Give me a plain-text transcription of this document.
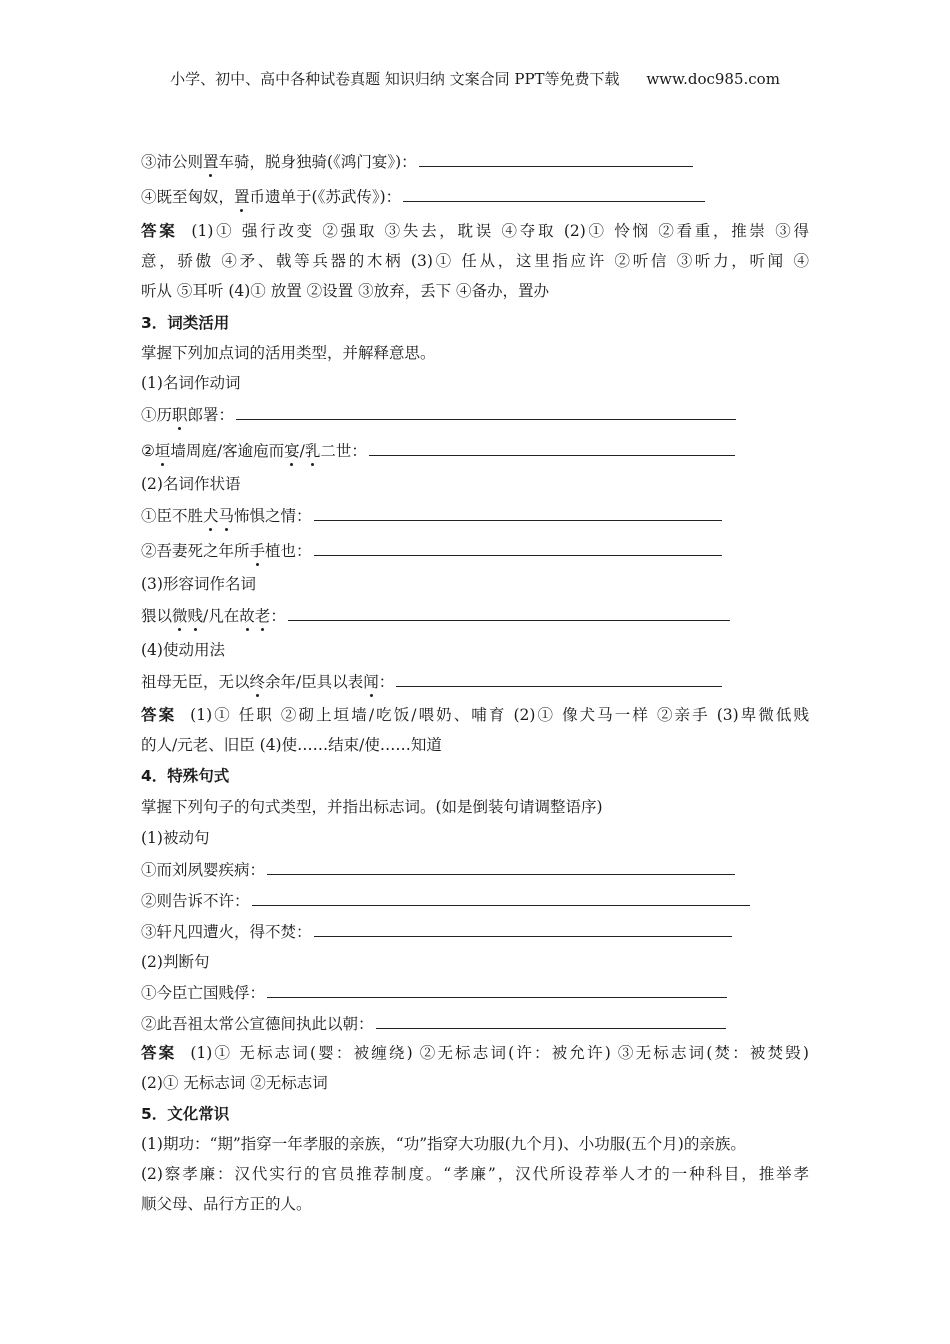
小学、初中、高中各种试卷真题 知识归纳 文案合同 PPT等免费下载 www.doc985.com
③沛公则置车骑，脱身独骑(《鸿门宴》)：
④既至匈奴，置币遗单于(《苏武传》)：
答案 (1)① 强行改变 ②强取 ③失去，耽误 ④夺取 (2)① 怜悯 ②看重，推崇 ③得
意，骄傲 ④矛、戟等兵器的木柄 (3)① 任从，这里指应许 ②听信 ③听力，听闻 ④
听从 ⑤耳听 (4)① 放置 ②设置 ③放弃，丢下 ④备办，置办
3．词类活用
掌握下列加点词的活用类型，并解释意思。
(1)名词作动词
①历职郎署：
②垣墙周庭/客逾庖而宴/乳二世：
(2)名词作状语
①臣不胜犬马怖惧之情：
②吾妻死之年所手植也：
(3)形容词作名词
猥以微贱/凡在故老：
(4)使动用法
祖母无臣，无以终余年/臣具以表闻：
答案 (1)① 任职 ②砌上垣墙/吃饭/喂奶、哺育 (2)① 像犬马一样 ②亲手 (3)卑微低贱
的人/元老、旧臣 (4)使……结束/使……知道
4．特殊句式
掌握下列句子的句式类型，并指出标志词。(如是倒装句请调整语序)
(1)被动句
①而刘夙婴疾病：
②则告诉不许：
③轩凡四遭火，得不焚：
(2)判断句
①今臣亡国贱俘：
②此吾祖太常公宣德间执此以朝：
答案 (1)① 无标志词(婴：被缠绕) ②无标志词(许：被允许) ③无标志词(焚：被焚毁)
(2)① 无标志词 ②无标志词
5．文化常识
(1)期功：“期”指穿一年孝服的亲族，“功”指穿大功服(九个月)、小功服(五个月)的亲族。
(2)察孝廉：汉代实行的官员推荐制度。“孝廉”，汉代所设荐举人才的一种科目，推举孝
顺父母、品行方正的人。
